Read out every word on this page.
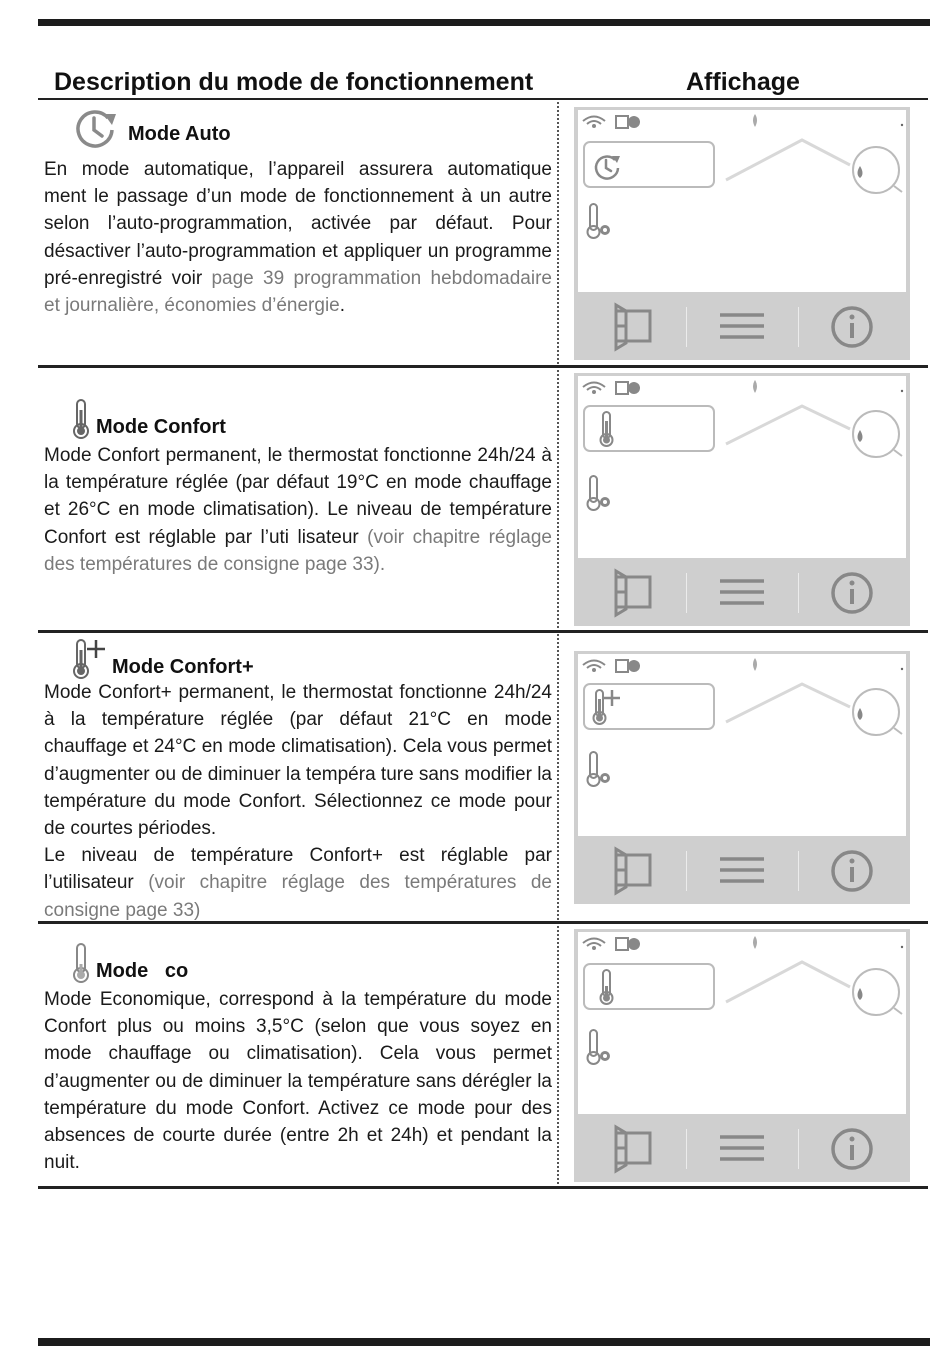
Description du mode de fonctionnement	Affichage
Mode Auto
En mode automatique, l’appareil assurera automatique ment le passage d’un mode de fonctionnement à un autre selon l’auto-programmation, activée par défaut. Pour désactiver l’auto-programmation et appliquer un programme pré-enregistré voir page 39 programmation hebdomadaire et journalière, économies d’énergie.
Mode Confort
Mode Confort permanent, le thermostat fonctionne 24h/24 à la température réglée (par défaut 19°C en mode chauffage et 26°C en mode climatisation). Le niveau de température Confort est réglable par l’uti lisateur (voir chapitre réglage des températures de consigne page 33).
Mode Confort+
Mode Confort+ permanent, le thermostat fonctionne 24h/24 à la température réglée (par défaut 21°C en mode chauffage et 24°C en mode climatisation). Cela vous permet d’augmenter ou de diminuer la tempéra ture sans modifier la température du mode Confort. Sélectionnez ce mode pour de courtes périodes.
Le niveau de température Confort+ est réglable par l’utilisateur (voir chapitre réglage des températures de consigne page 33)
Mode   co
Mode Economique, correspond à la température du mode Confort plus ou moins 3,5°C (selon que vous soyez en mode chauffage ou climatisation). Cela vous permet d’augmenter ou de diminuer la température sans dérégler la température du mode Confort. Activez ce mode pour des absences de courte durée (entre 2h et 24h) et pendant la nuit.
